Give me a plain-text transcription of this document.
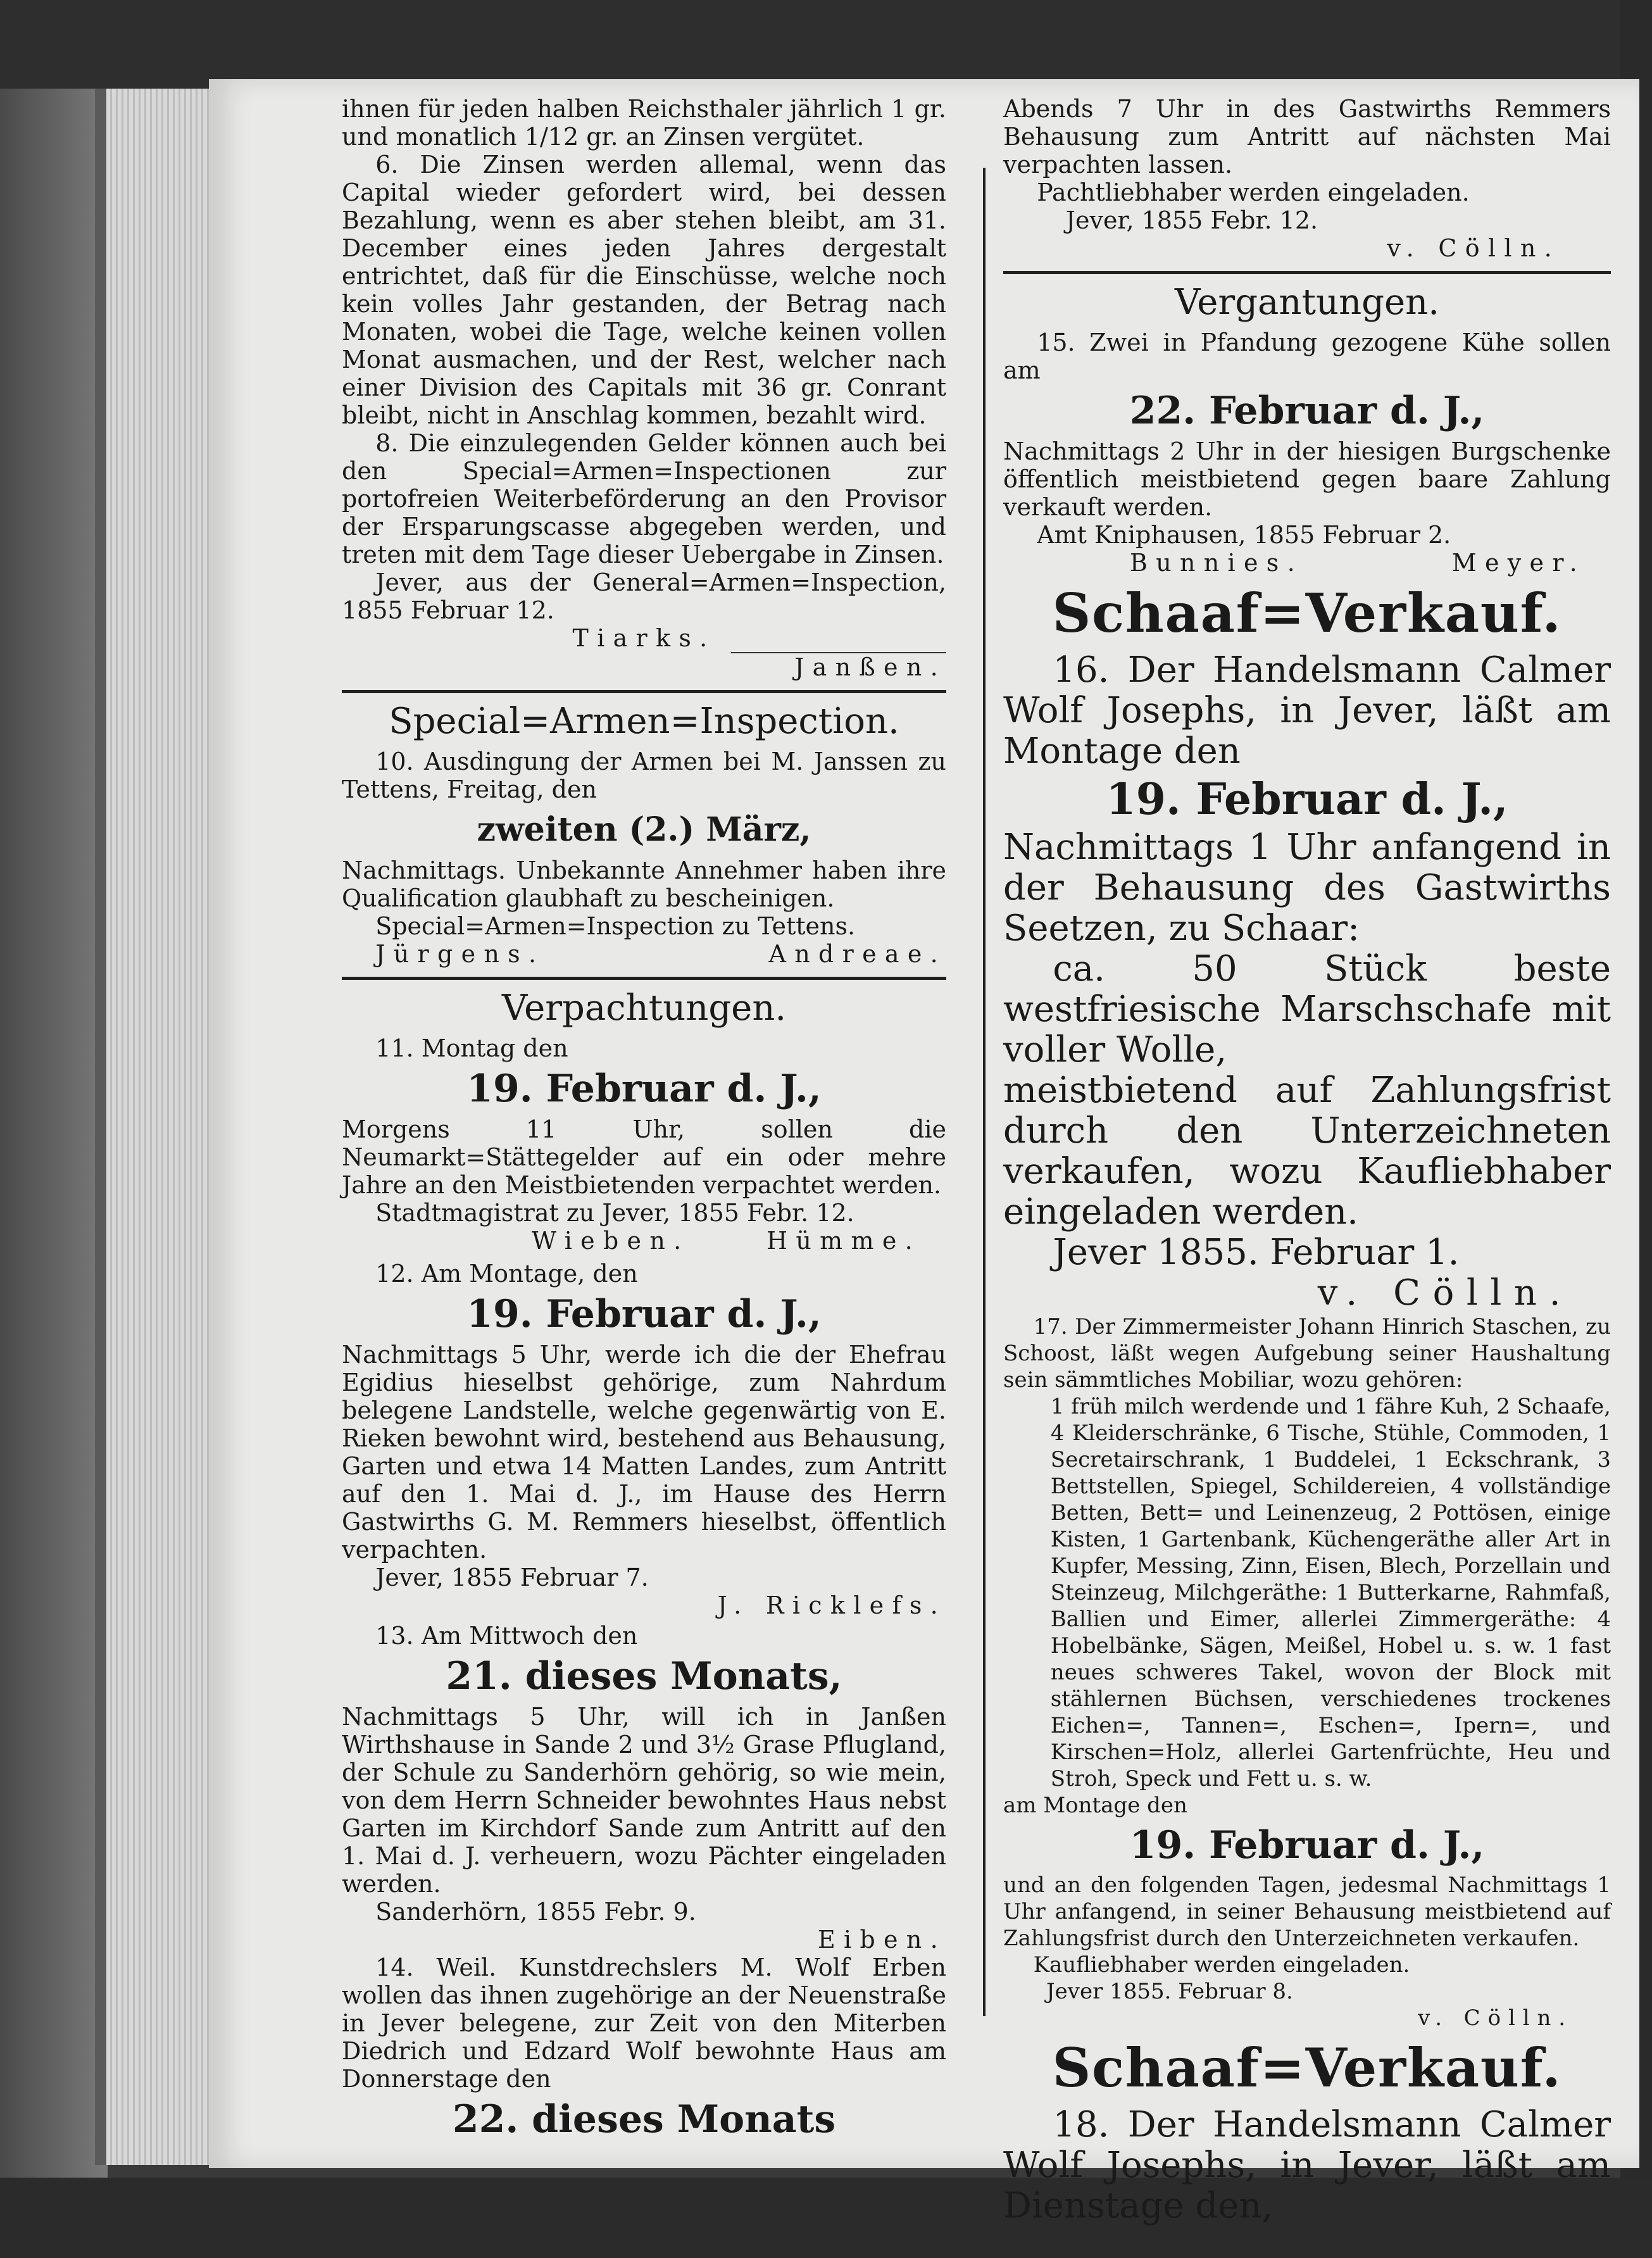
ihnen für jeden halben Reichsthaler jährlich 1 gr. und monatlich 1/12 gr. an Zinsen vergütet.

6. Die Zinsen werden allemal, wenn das Capital wieder gefordert wird, bei dessen Bezahlung, wenn es aber stehen bleibt, am 31. December eines jeden Jahres dergestalt entrichtet, daß für die Einschüsse, welche noch kein volles Jahr gestanden, der Betrag nach Monaten, wobei die Tage, welche keinen vollen Monat ausmachen, und der Rest, welcher nach einer Division des Capitals mit 36 gr. Conrant bleibt, nicht in Anschlag kommen, bezahlt wird.

8. Die einzulegenden Gelder können auch bei den Special=Armen=Inspectionen zur portofreien Weiterbeförderung an den Provisor der Ersparungscasse abgegeben werden, und treten mit dem Tage dieser Uebergabe in Zinsen.

Jever, aus der General=Armen=Inspection, 1855 Februar 12.

Tiarks.

Janßen.

Special=Armen=Inspection.

10. Ausdingung der Armen bei M. Janssen zu Tettens, Freitag, den

zweiten (2.) März,

Nachmittags. Unbekannte Annehmer haben ihre Qualification glaubhaft zu bescheinigen.

Special=Armen=Inspection zu Tettens.

Jürgens.	Andreae.
Verpachtungen.

11. Montag den

19. Februar d. J.,

Morgens 11 Uhr, sollen die Neumarkt=Stättegelder auf ein oder mehre Jahre an den Meistbietenden verpachtet werden.

Stadtmagistrat zu Jever, 1855 Febr. 12.

Wieben.	Hümme.

12. Am Montage, den

19. Februar d. J.,

Nachmittags 5 Uhr, werde ich die der Ehefrau Egidius hieselbst gehörige, zum Nahrdum belegene Landstelle, welche gegenwärtig von E. Rieken bewohnt wird, bestehend aus Behausung, Garten und etwa 14 Matten Landes, zum Antritt auf den 1. Mai d. J., im Hause des Herrn Gastwirths G. M. Remmers hieselbst, öffentlich verpachten.

Jever, 1855 Februar 7.

J. Ricklefs.

13. Am Mittwoch den

21. dieses Monats,

Nachmittags 5 Uhr, will ich in Janßen Wirthshause in Sande 2 und 3½ Grase Pflugland, der Schule zu Sanderhörn gehörig, so wie mein, von dem Herrn Schneider bewohntes Haus nebst Garten im Kirchdorf Sande zum Antritt auf den 1. Mai d. J. verheuern, wozu Pächter eingeladen werden.

Sanderhörn, 1855 Febr. 9.

Eiben.

14. Weil. Kunstdrechslers M. Wolf Erben wollen das ihnen zugehörige an der Neuenstraße in Jever belegene, zur Zeit von den Miterben Diedrich und Edzard Wolf bewohnte Haus am Donnerstage den

22. dieses Monats

Abends 7 Uhr in des Gastwirths Remmers Behausung zum Antritt auf nächsten Mai verpachten lassen.

Pachtliebhaber werden eingeladen.

Jever, 1855 Febr. 12.

v. Cölln.

Vergantungen.

15. Zwei in Pfandung gezogene Kühe sollen am

22. Februar d. J.,

Nachmittags 2 Uhr in der hiesigen Burgschenke öffentlich meistbietend gegen baare Zahlung verkauft werden.

Amt Kniphausen, 1855 Februar 2.

Bunnies.	Meyer.
Schaaf=Verkauf.

16. Der Handelsmann Calmer Wolf Josephs, in Jever, läßt am Montage den

19. Februar d. J.,

Nachmittags 1 Uhr anfangend in der Behausung des Gastwirths Seetzen, zu Schaar:

ca. 50 Stück beste westfriesische Marschschafe mit voller Wolle,

meistbietend auf Zahlungsfrist durch den Unterzeichneten verkaufen, wozu Kaufliebhaber eingeladen werden.

Jever 1855. Februar 1.

v. Cölln.

17. Der Zimmermeister Johann Hinrich Staschen, zu Schoost, läßt wegen Aufgebung seiner Haushaltung sein sämmtliches Mobiliar, wozu gehören:

1 früh milch werdende und 1 fähre Kuh, 2 Schaafe, 4 Kleiderschränke, 6 Tische, Stühle, Commoden, 1 Secretairschrank, 1 Buddelei, 1 Eckschrank, 3 Bettstellen, Spiegel, Schildereien, 4 vollständige Betten, Bett= und Leinenzeug, 2 Pottösen, einige Kisten, 1 Gartenbank, Küchengeräthe aller Art in Kupfer, Messing, Zinn, Eisen, Blech, Porzellain und Steinzeug, Milchgeräthe: 1 Butterkarne, Rahmfaß, Ballien und Eimer, allerlei Zimmergeräthe: 4 Hobelbänke, Sägen, Meißel, Hobel u. s. w. 1 fast neues schweres Takel, wovon der Block mit stählernen Büchsen, verschiedenes trockenes Eichen=, Tannen=, Eschen=, Ipern=, und Kirschen=Holz, allerlei Gartenfrüchte, Heu und Stroh, Speck und Fett u. s. w.

am Montage den

19. Februar d. J.,

und an den folgenden Tagen, jedesmal Nachmittags 1 Uhr anfangend, in seiner Behausung meistbietend auf Zahlungsfrist durch den Unterzeichneten verkaufen.

Kaufliebhaber werden eingeladen.

Jever 1855. Februar 8.

v. Cölln.

Schaaf=Verkauf.

18. Der Handelsmann Calmer Wolf Josephs, in Jever, läßt am Dienstage den,
